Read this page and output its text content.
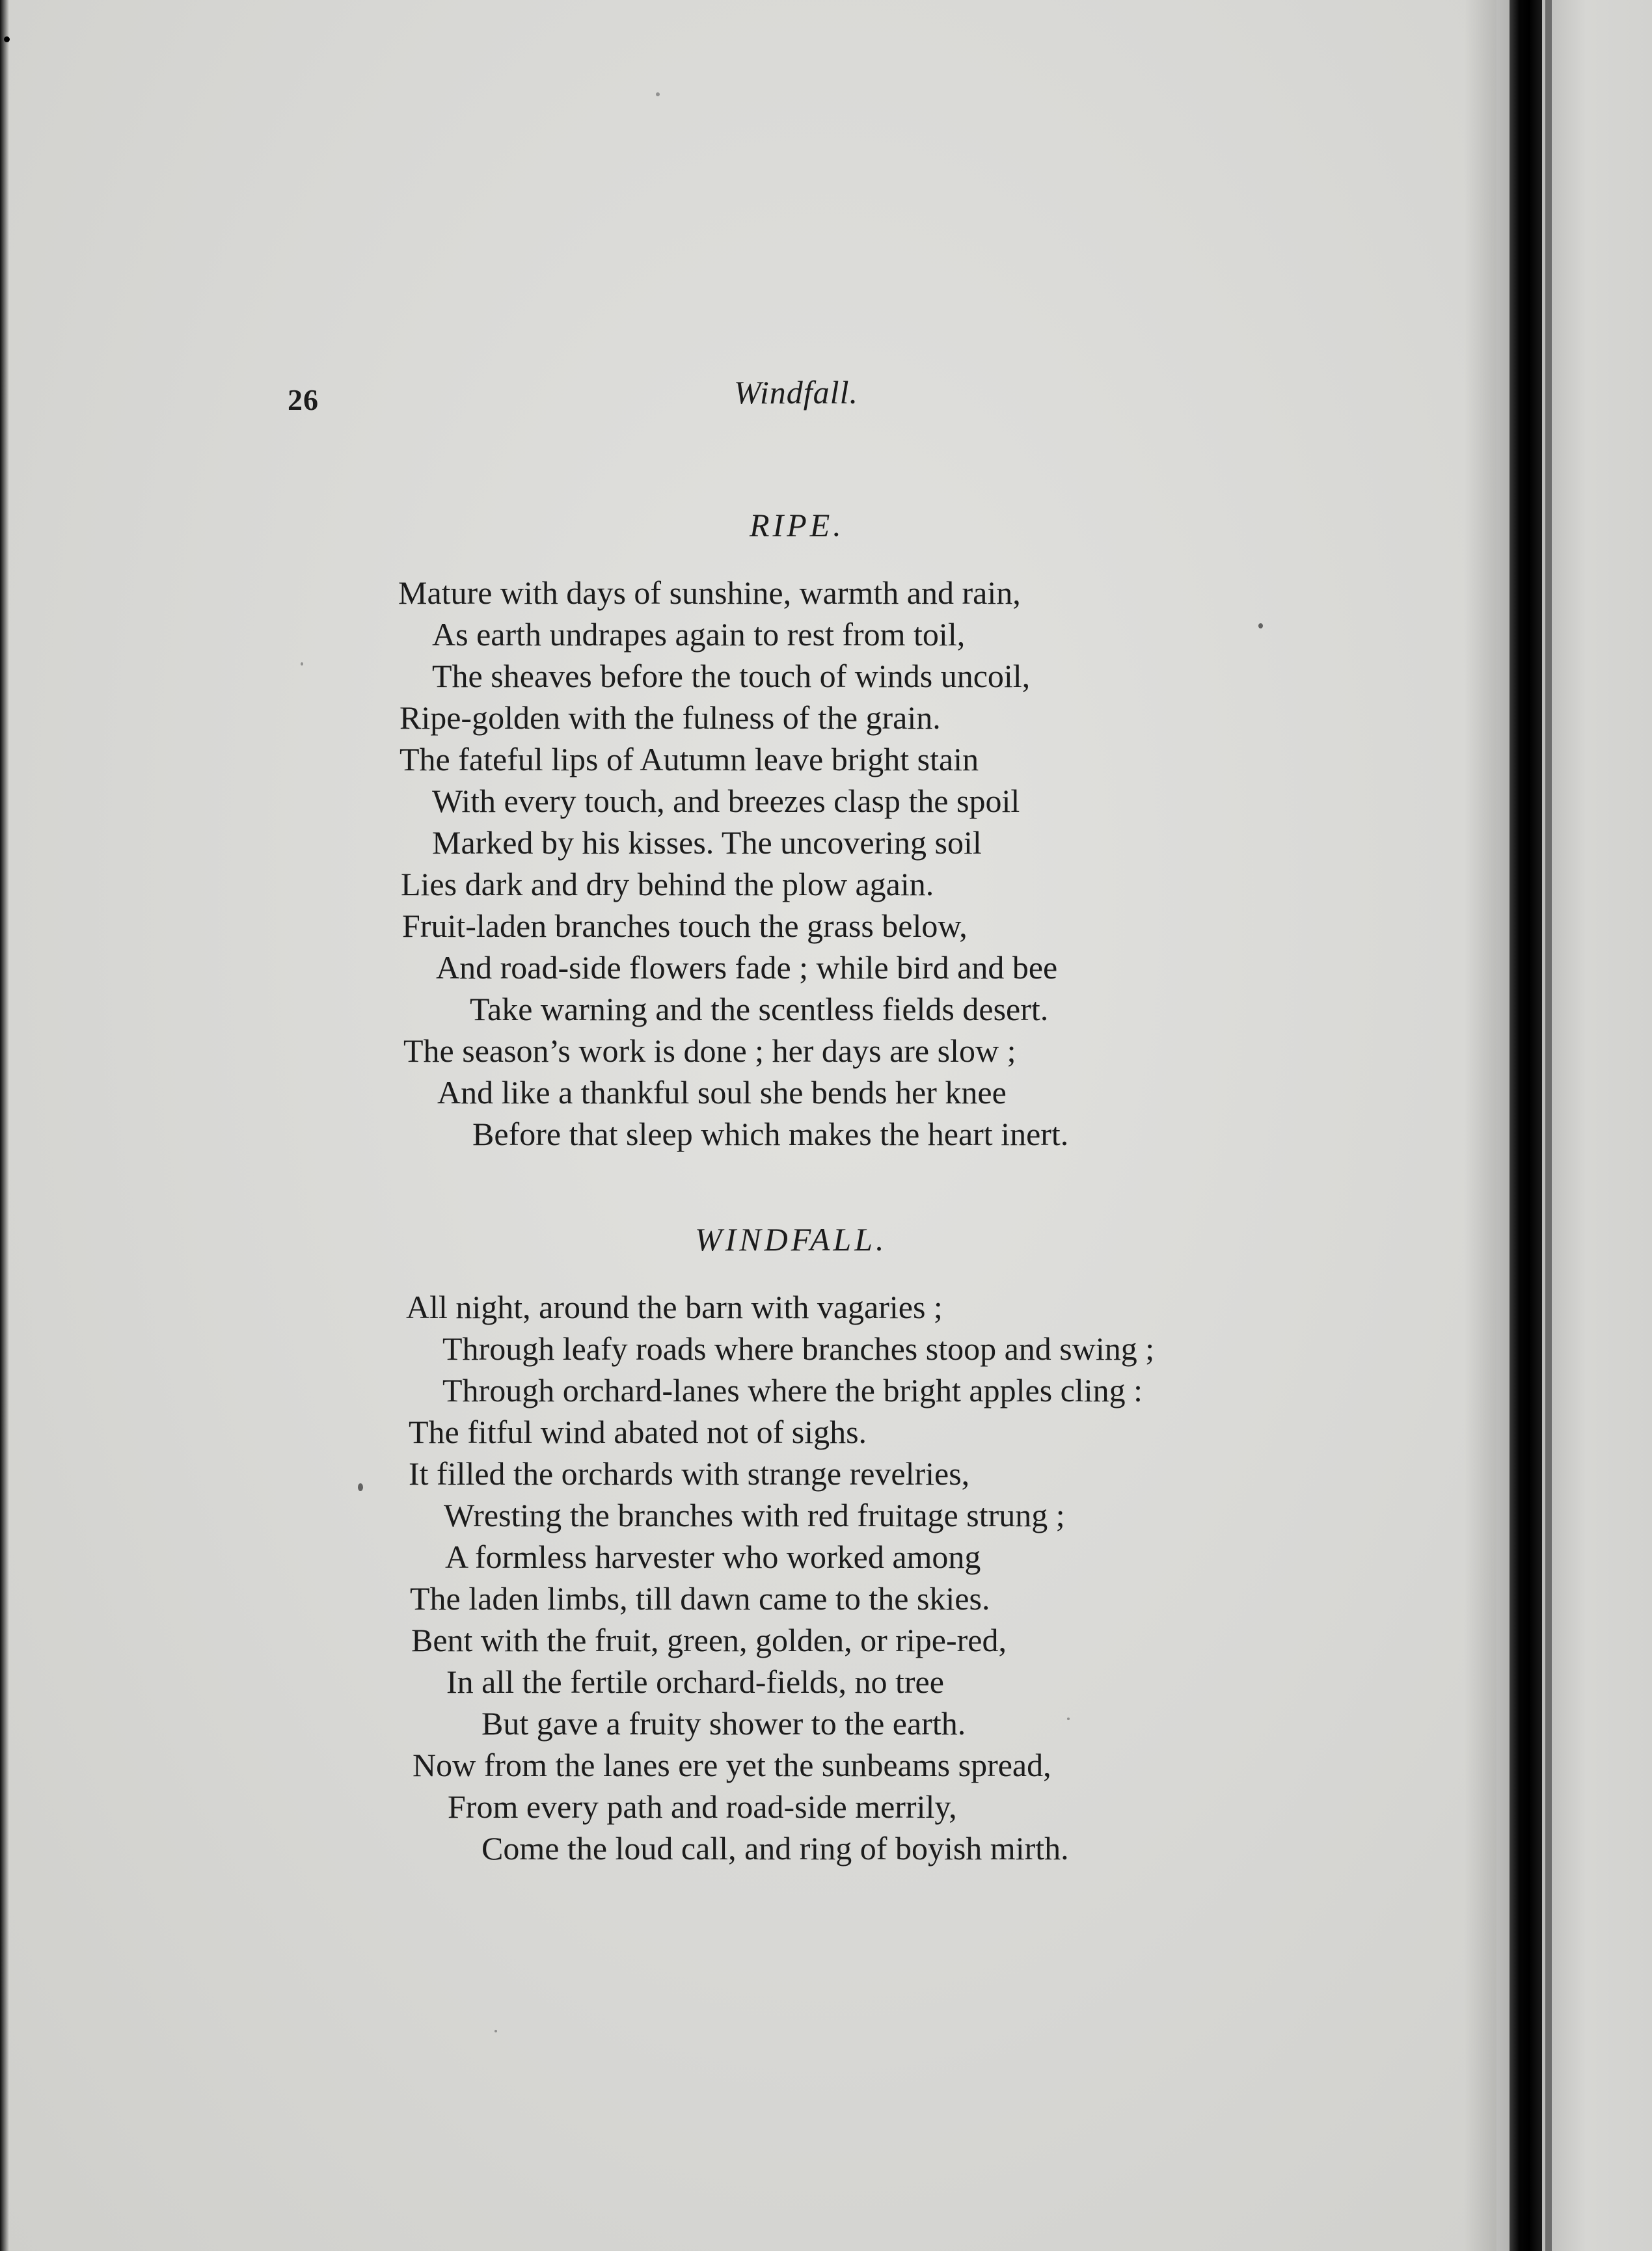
26	Windfall.
RIPE.
Mature with days of sunshine, warmth and rain,
As earth undrapes again to rest from toil,
The sheaves before the touch of winds uncoil,
Ripe-golden with the fulness of the grain.
The fateful lips of Autumn leave bright stain
With every touch, and breezes clasp the spoil
Marked by his kisses. The uncovering soil
Lies dark and dry behind the plow again.
Fruit-laden branches touch the grass below,
And road-side flowers fade ; while bird and bee
Take warning and the scentless fields desert.
The season’s work is done ; her days are slow ;
And like a thankful soul she bends her knee
Before that sleep which makes the heart inert.
WINDFALL.
All night, around the barn with vagaries ;
Through leafy roads where branches stoop and swing ;
Through orchard-lanes where the bright apples cling :
The fitful wind abated not of sighs.
It filled the orchards with strange revelries,
Wresting the branches with red fruitage strung ;
A formless harvester who worked among
The laden limbs, till dawn came to the skies.
Bent with the fruit, green, golden, or ripe-red,
In all the fertile orchard-fields, no tree
But gave a fruity shower to the earth.
Now from the lanes ere yet the sunbeams spread,
From every path and road-side merrily,
Come the loud call, and ring of boyish mirth.
